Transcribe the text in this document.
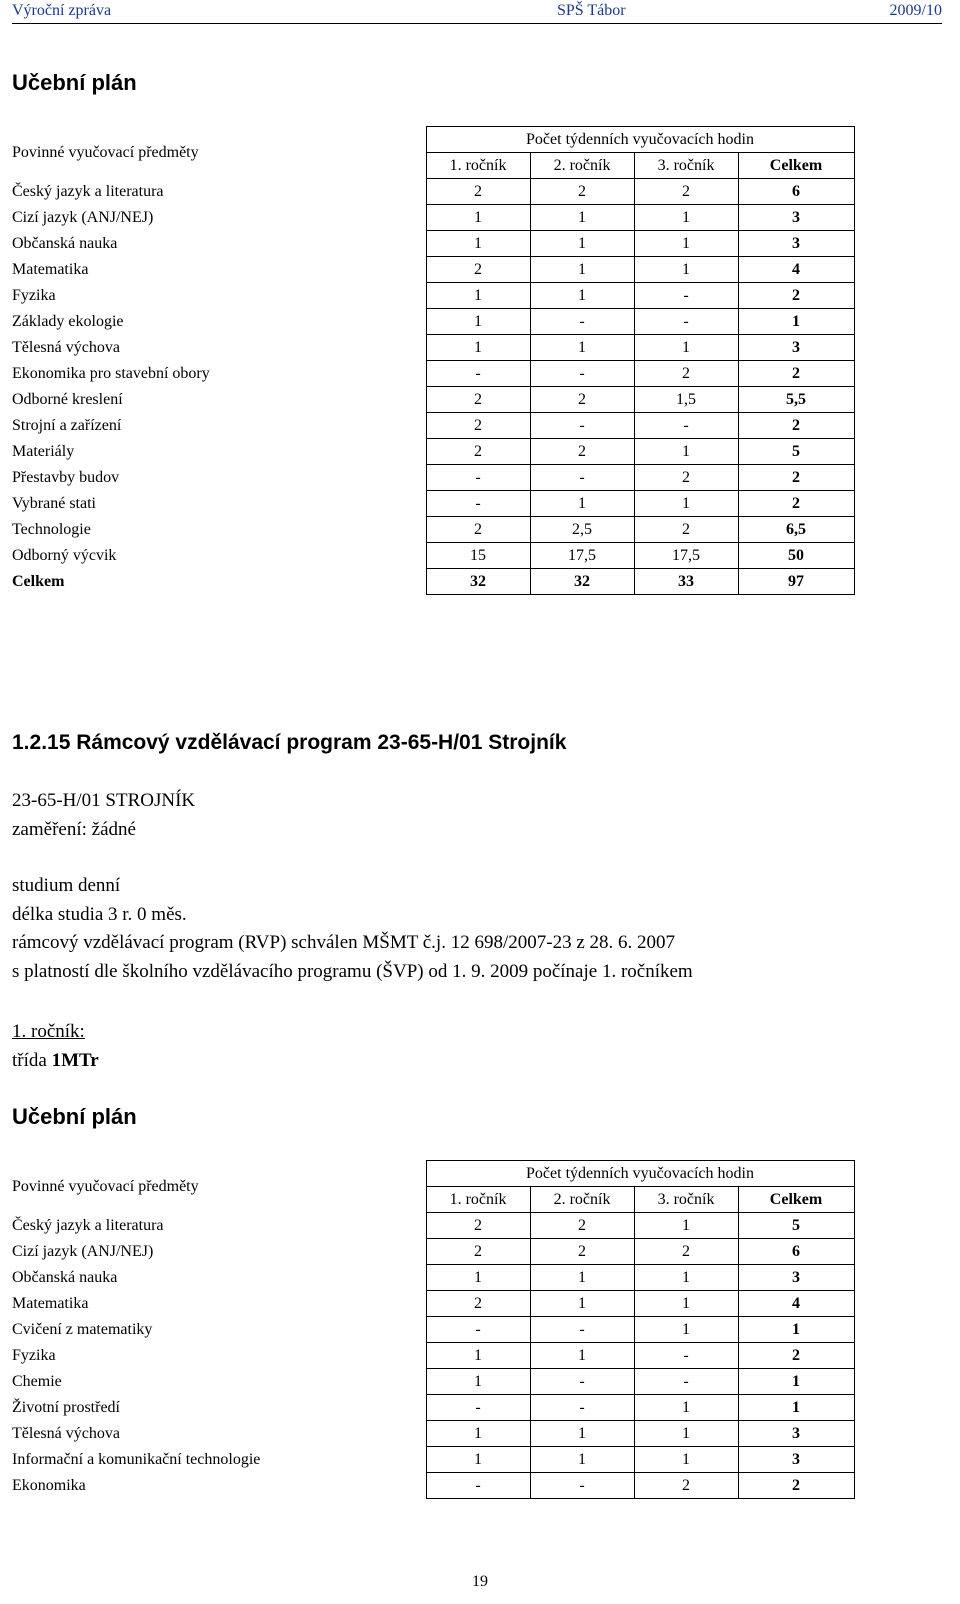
Výroční zpráva	SPŠ Tábor	2009/10
Učební plán
Povinné vyučovací předměty	Počet týdenních vyučovacích hodin			
	1. ročník	2. ročník	3. ročník	Celkem
Český jazyk a literatura	2	2	2	6
Cizí jazyk (ANJ/NEJ)	1	1	1	3
Občanská nauka	1	1	1	3
Matematika	2	1	1	4
Fyzika	1	1	-	2
Základy ekologie	1	-	-	1
Tělesná výchova	1	1	1	3
Ekonomika pro stavební obory	-	-	2	2
Odborné kreslení	2	2	1,5	5,5
Strojní a zařízení	2	-	-	2
Materiály	2	2	1	5
Přestavby budov	-	-	2	2
Vybrané stati	-	1	1	2
Technologie	2	2,5	2	6,5
Odborný výcvik	15	17,5	17,5	50
Celkem	32	32	33	97
1.2.15 Rámcový vzdělávací program 23-65-H/01 Strojník
23-65-H/01 STROJNÍK
zaměření: žádné
studium denní
délka studia 3 r. 0 měs.
rámcový vzdělávací program (RVP) schválen MŠMT č.j. 12 698/2007-23 z 28. 6. 2007
s platností dle školního vzdělávacího programu (ŠVP) od 1. 9. 2009 počínaje 1. ročníkem
1. ročník:
třída 1MTr
Učební plán
Povinné vyučovací předměty	Počet týdenních vyučovacích hodin			
	1. ročník	2. ročník	3. ročník	Celkem
Český jazyk a literatura	2	2	1	5
Cizí jazyk (ANJ/NEJ)	2	2	2	6
Občanská nauka	1	1	1	3
Matematika	2	1	1	4
Cvičení z matematiky	-	-	1	1
Fyzika	1	1	-	2
Chemie	1	-	-	1
Životní prostředí	-	-	1	1
Tělesná výchova	1	1	1	3
Informační a komunikační technologie	1	1	1	3
Ekonomika	-	-	2	2
19
